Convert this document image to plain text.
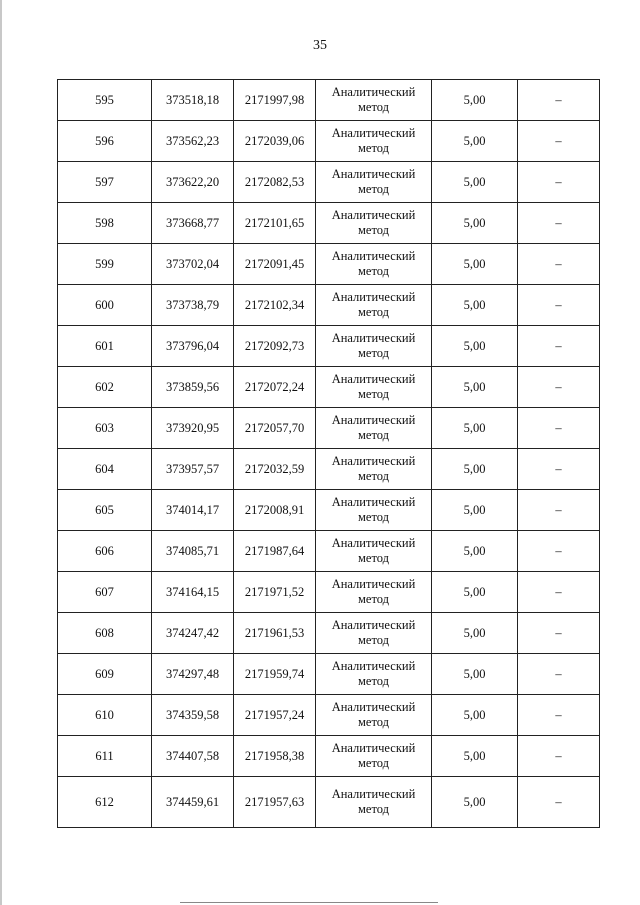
35
595	373518,18	2171997,98	Аналитический метод	5,00	–
596	373562,23	2172039,06	Аналитический метод	5,00	–
597	373622,20	2172082,53	Аналитический метод	5,00	–
598	373668,77	2172101,65	Аналитический метод	5,00	–
599	373702,04	2172091,45	Аналитический метод	5,00	–
600	373738,79	2172102,34	Аналитический метод	5,00	–
601	373796,04	2172092,73	Аналитический метод	5,00	–
602	373859,56	2172072,24	Аналитический метод	5,00	–
603	373920,95	2172057,70	Аналитический метод	5,00	–
604	373957,57	2172032,59	Аналитический метод	5,00	–
605	374014,17	2172008,91	Аналитический метод	5,00	–
606	374085,71	2171987,64	Аналитический метод	5,00	–
607	374164,15	2171971,52	Аналитический метод	5,00	–
608	374247,42	2171961,53	Аналитический метод	5,00	–
609	374297,48	2171959,74	Аналитический метод	5,00	–
610	374359,58	2171957,24	Аналитический метод	5,00	–
611	374407,58	2171958,38	Аналитический метод	5,00	–
612	374459,61	2171957,63	Аналитический метод	5,00	–
